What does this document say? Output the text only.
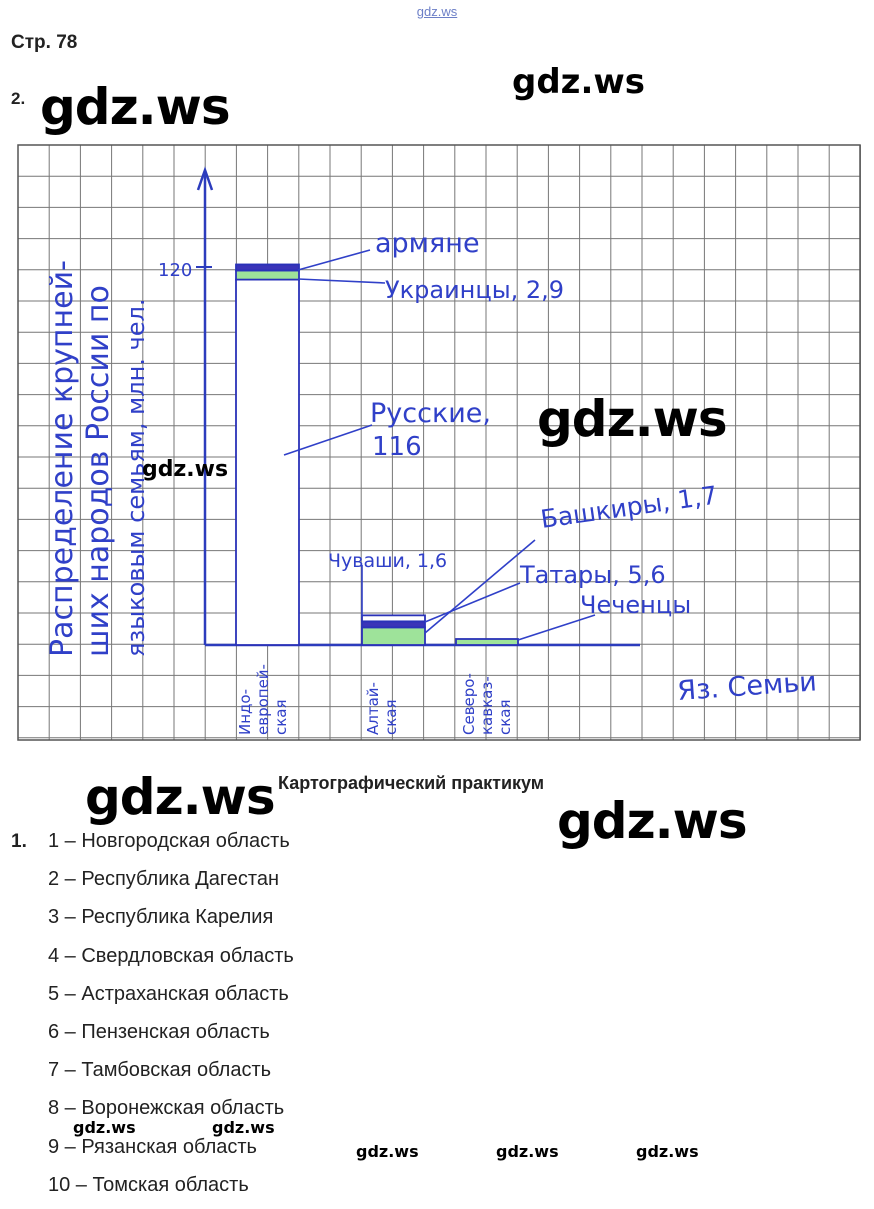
gdz.ws
Стр. 78
2.
120
армяне
Украинцы, 2,9
Русские,
116
Башкиры, 1,7
Татары, 5,6
Чуваши, 1,6
Чеченцы
Распределение крупней- ших народов России по языковым семьям, млн. чел.
Индо- европей- ская	Алтай- ская	Северо- кавказ- ская
Яз. Семьи
Картографический практикум
1. 1 – Новгородская область
2 – Республика Дагестан
3 – Республика Карелия
4 – Свердловская область
5 – Астраханская область
6 – Пензенская область
7 – Тамбовская область
8 – Воронежская область
9 – Рязанская область
10 – Томская область
gdz.ws	gdz.ws
gdz.ws
gdz.ws
gdz.ws	gdz.ws
gdz.ws	gdz.ws
gdz.ws	gdz.ws	gdz.ws
